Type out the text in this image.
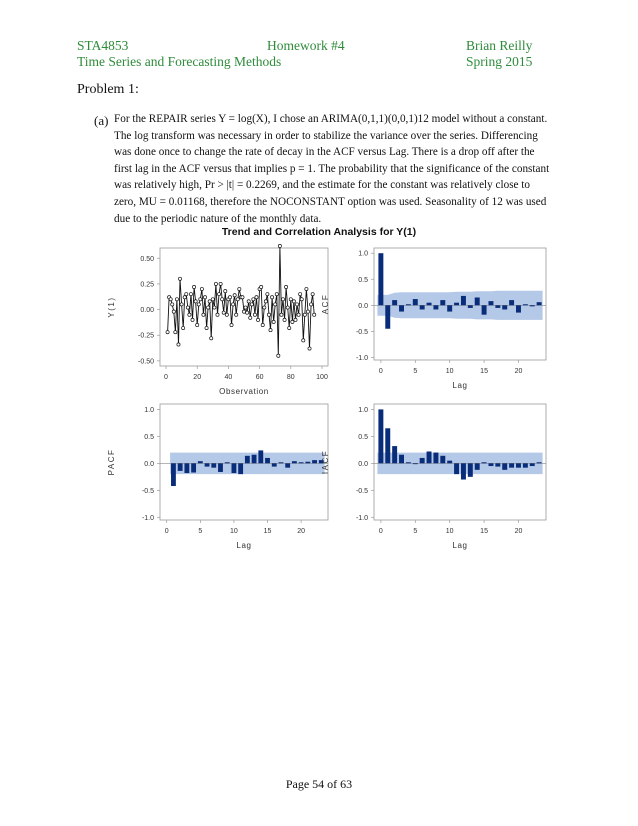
STA4853	Homework #4	Brian Reilly
Time Series and Forecasting Methods	Spring 2015
Problem 1:
(a) For the REPAIR series Y = log(X), I chose an ARIMA(0,1,1)(0,0,1)12 model without a constant.
The log transform was necessary in order to stabilize the variance over the series. Differencing
was done once to change the rate of decay in the ACF versus Lag. There is a drop off after the
first lag in the ACF versus that implies p = 1. The probability that the significance of the constant
was relatively high, Pr > |t| = 0.2269, and the estimate for the constant was relatively close to
zero, MU = 0.01168, therefore the NOCONSTANT option was used. Seasonality of 12 was used
due to the periodic nature of the monthly data.
Trend and Correlation Analysis for Y(1)
Y(1)
Observation
0	20	40	60	80	100
-0.50
-0.25
0.00
0.25
0.50
ACF
Lag
0	5	10	15	20
-1.0
-0.5
0.0
0.5
1.0
PACF
Lag
0	5	10	15	20
-1.0
-0.5
0.0
0.5
1.0
IACF
Lag
0	5	10	15	20
-1.0
-0.5
0.0
0.5
1.0
Page 54 of 63
